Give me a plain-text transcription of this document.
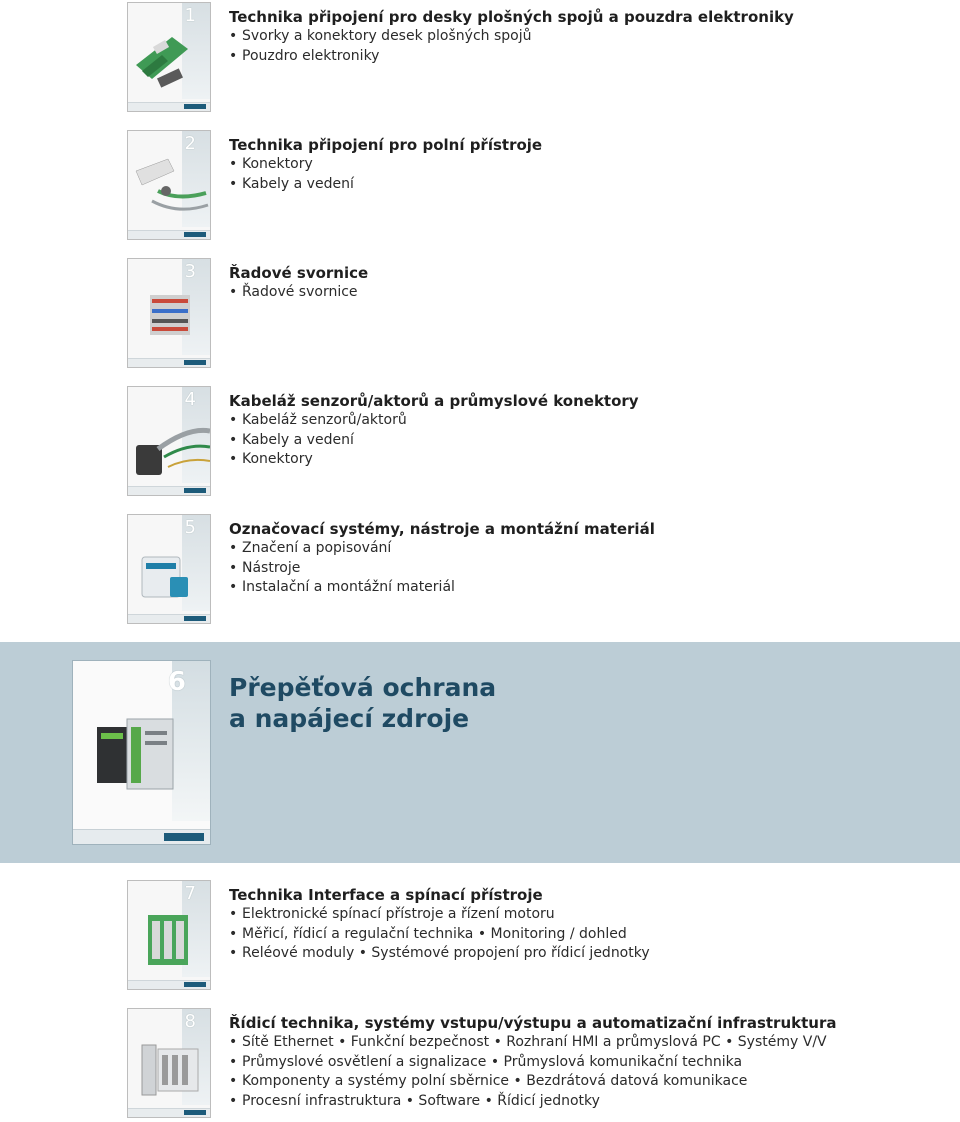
1 Technika připojení pro desky plošných spojů a pouzdra elektroniky
• Svorky a konektory desek plošných spojů
• Pouzdro elektroniky
2 Technika připojení pro polní přístroje
• Konektory
• Kabely a vedení
3 Řadové svornice
• Řadové svornice
4 Kabeláž senzorů/aktorů a průmyslové konektory
• Kabeláž senzorů/aktorů
• Kabely a vedení
• Konektory
5 Označovací systémy, nástroje a montážní materiál
• Značení a popisování
• Nástroje
• Instalační a montážní materiál
6 Přepěťová ochrana
a napájecí zdroje
7 Technika Interface a spínací přístroje
• Elektronické spínací přístroje a řízení motoru
• Měřicí, řídicí a regulační technika • Monitoring / dohled
• Reléové moduly • Systémové propojení pro řídicí jednotky
8 Řídicí technika, systémy vstupu/výstupu a automatizační infrastruktura
• Sítě Ethernet • Funkční bezpečnost • Rozhraní HMI a průmyslová PC • Systémy V/V
• Průmyslové osvětlení a signalizace • Průmyslová komunikační technika
• Komponenty a systémy polní sběrnice • Bezdrátová datová komunikace
• Procesní infrastruktura • Software • Řídicí jednotky
